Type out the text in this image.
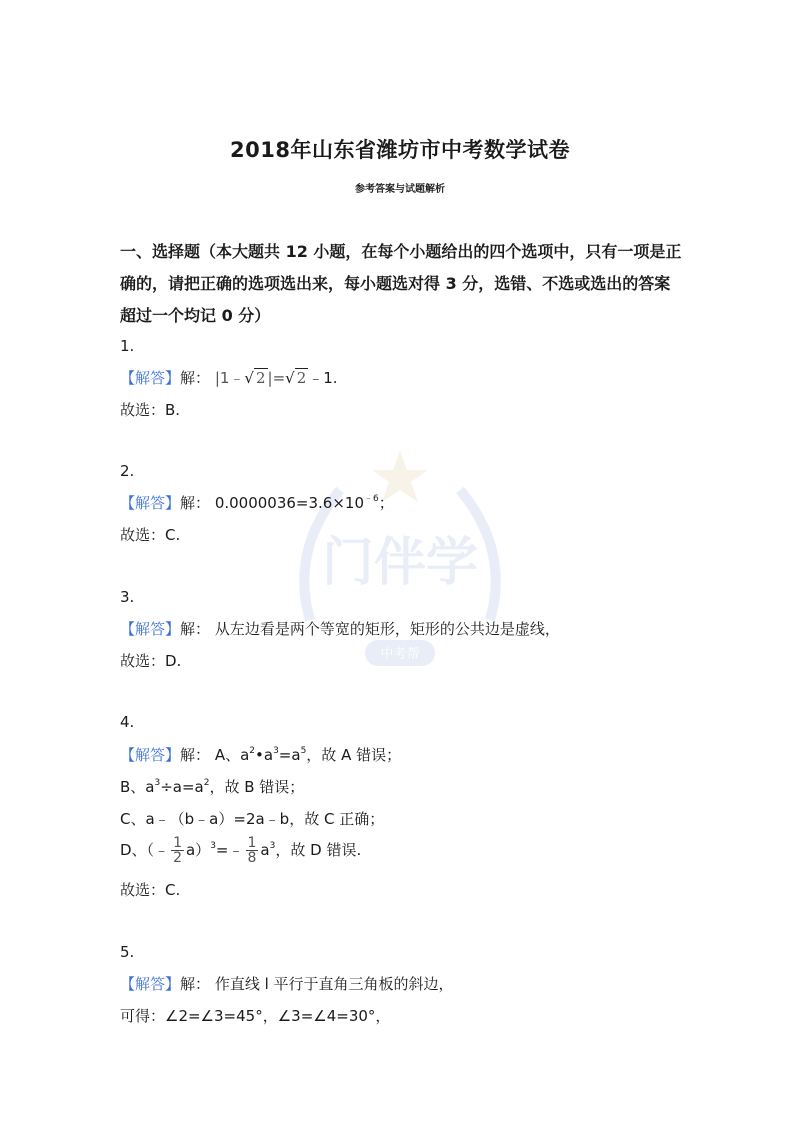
门伴学
中考帮
2018年山东省潍坊市中考数学试卷
参考答案与试题解析
一、选择题（本大题共 12 小题，在每个小题给出的四个选项中，只有一项是正确的，请把正确的选项选出来，每小题选对得 3 分，选错、不选或选出的答案超过一个均记 0 分）
1.
【解答】解： |1﹣√ 2 |=√ 2 ﹣1.
故选：B.
2.
【解答】解： $0.0000036=3.6\times 10^{﹣6}$；
故选：C.
3.
【解答】解： 从左边看是两个等宽的矩形，矩形的公共边是虚线，
故选：D.
4.
【解答】解： A、$a^2•a^3=a^5$，故 A 错误；
B、$a^3\div a=a^2$，故 B 错误；
C、a﹣（b﹣a）=2a﹣b，故 C 正确；
D、（﹣ $\frac{1}{2}$ a）$^3$=﹣ $\frac{1}{8} a^3$，故 D 错误.
故选：C.
5.
【解答】解： 作直线 l 平行于直角三角板的斜边，
可得：∠2=∠3=45°，∠3=∠4=30°，
